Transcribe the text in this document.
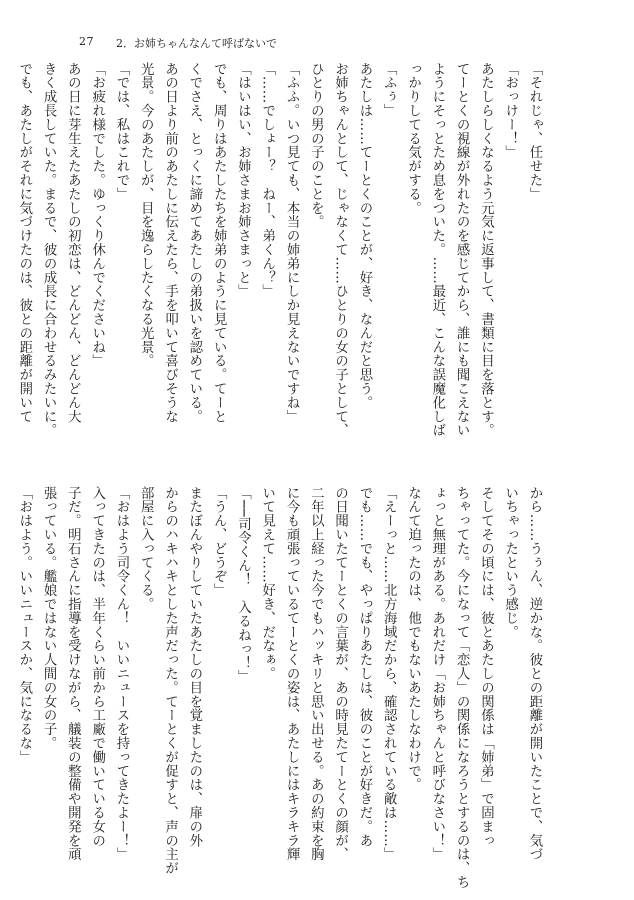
27 2．お姉ちゃんなんて呼ばないで
「それじゃ、任せた」
「おっけー！」
あたしらしくなるよう元気に返事して、書類に目を落とす。
てーとくの視線が外れたのを感じてから、誰にも聞こえない
ようにそっとため息をついた。……最近、こんな誤魔化しば
っかりしてる気がする。
「ふぅ」
あたしは……てーとくのことが、好き、なんだと思う。
お姉ちゃんとして、じゃなくて……ひとりの女の子として、
ひとりの男の子のことを。
「ふふ。いつ見ても、本当の姉弟にしか見えないですね」
「……でしょー？　ねー、弟くん？」
「はいはい、お姉さまお姉さまっと」
でも、周りはあたしたちを姉弟のように見ている。てーと
くでさえ、とっくに諦めてあたしの弟扱いを認めている。
あの日より前のあたしに伝えたら、手を叩いて喜びそうな
光景。今のあたしが、目を逸らしたくなる光景。
「では、私はこれで」
「お疲れ様でした。ゆっくり休んでくださいね」
あの日に芽生えたあたしの初恋は、どんどん、どんどん大
きく成長していた。まるで、彼の成長に合わせるみたいに。
でも、あたしがそれに気づけたのは、彼との距離が開いて
から……うぅん、逆かな。彼との距離が開いたことで、気づ
いちゃったという感じ。
そしてその頃には、彼とあたしの関係は「姉弟」で固まっ
ちゃってた。今になって「恋人」の関係になろうとするのは、ち
ょっと無理がある。あれだけ「お姉ちゃんと呼びなさい！」
なんて迫ったのは、他でもないあたしなわけで。
「えーっと……北方海域だから、確認されている敵は……」
でも……でも、やっぱりあたしは、彼のことが好きだ。あ
の日聞いたてーとくの言葉が、あの時見たてーとくの顔が、
二年以上経った今でもハッキリと思い出せる。あの約束を胸
に今も頑張っているてーとくの姿は、あたしにはキラキラ輝
いて見えて……好き、だなぁ。
「──司令くん！　入るねっ！」
「うん、どうぞ」
またぼんやりしていたあたしの目を覚ましたのは、扉の外
からのハキハキとした声だった。てーとくが促すと、声の主が
部屋に入ってくる。
「おはよう司令くん！　いいニュースを持ってきたよー！」
入ってきたのは、半年くらい前から工廠で働いている女の
子だ。明石さんに指導を受けながら、艤装の整備や開発を頑
張っている。艦娘ではない人間の女の子。
「おはよう。いいニュースか、気になるな」
